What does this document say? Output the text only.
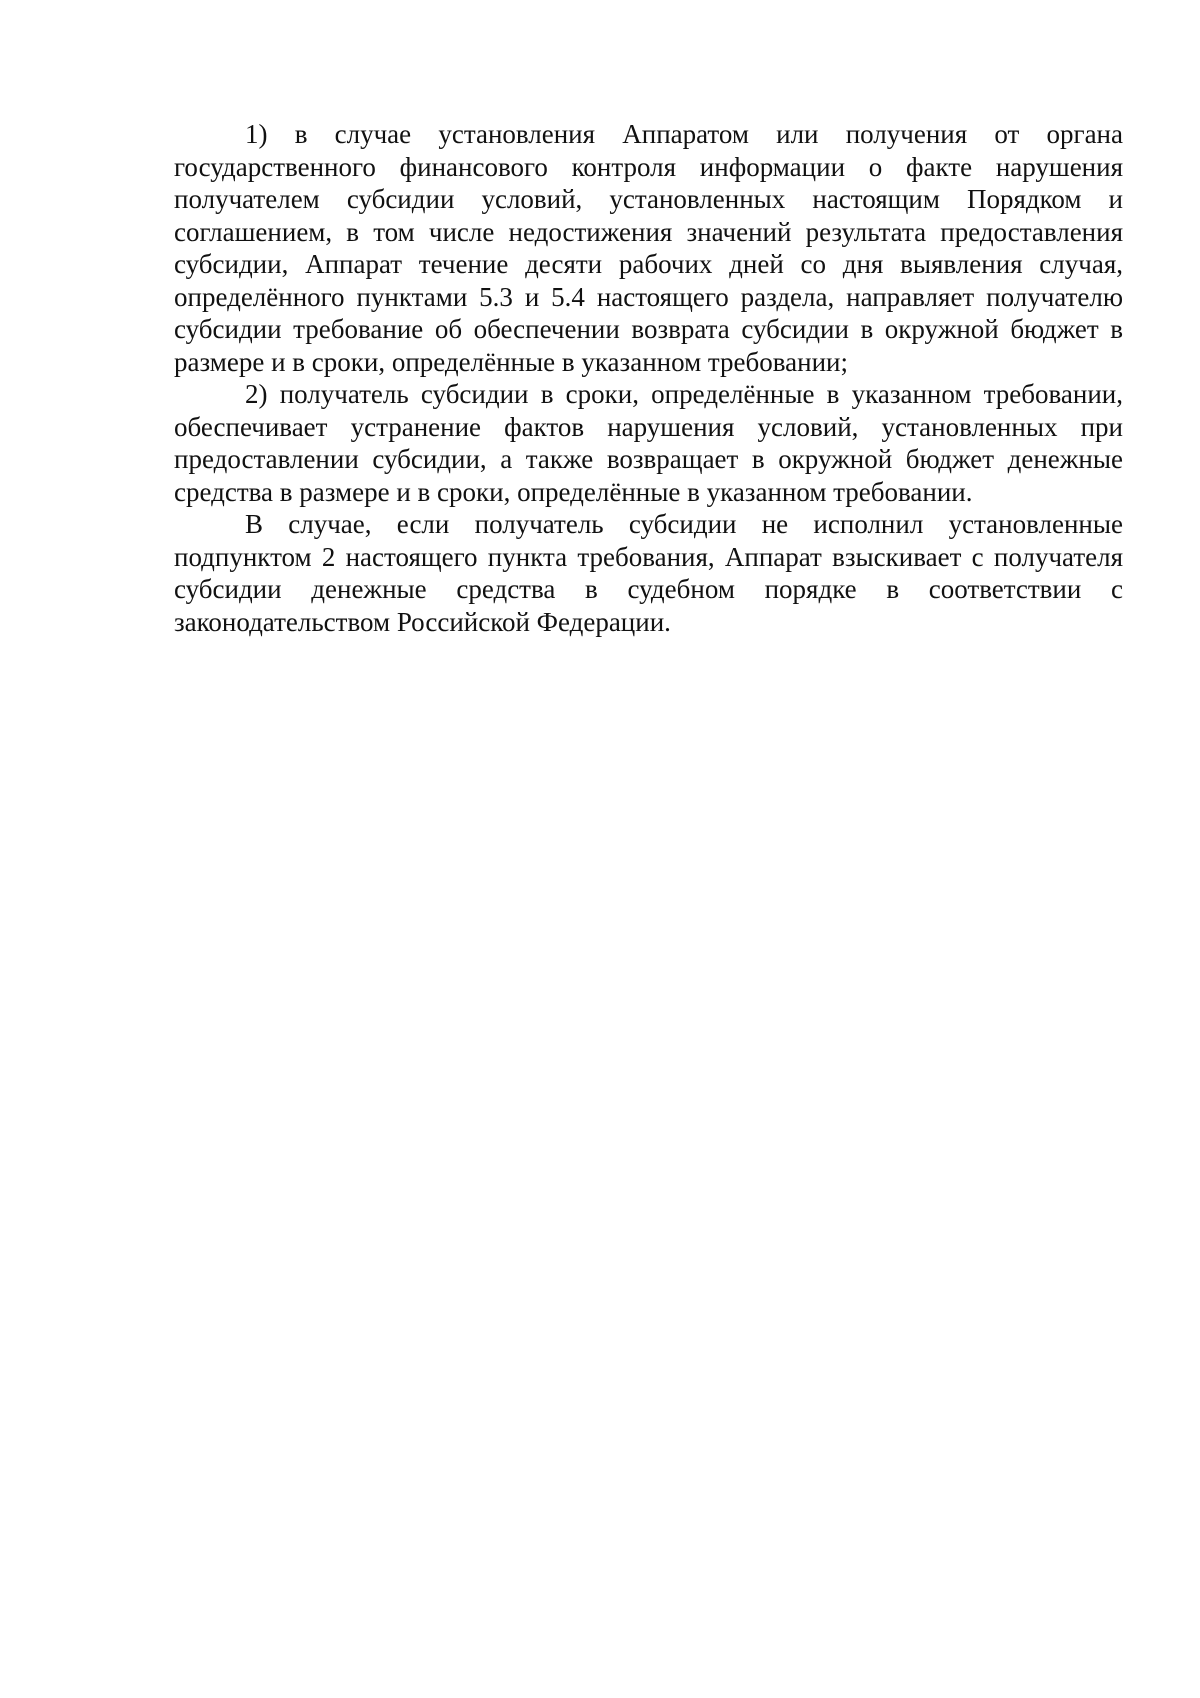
1) в случае установления Аппаратом или получения от органа государственного финансового контроля информации о факте нарушения получателем субсидии условий, установленных настоящим Порядком и соглашением, в том числе недостижения значений результата предоставления субсидии, Аппарат течение десяти рабочих дней со дня выявления случая, определённого пунктами 5.3 и 5.4 настоящего раздела, направляет получателю субсидии требование об обеспечении возврата субсидии в окружной бюджет в размере и в сроки, определённые в указанном требовании;

2) получатель субсидии в сроки, определённые в указанном требовании, обеспечивает устранение фактов нарушения условий, установленных при предоставлении субсидии, а также возвращает в окружной бюджет денежные средства в размере и в сроки, определённые в указанном требовании.

В случае, если получатель субсидии не исполнил установленные подпунктом 2 настоящего пункта требования, Аппарат взыскивает с получателя субсидии денежные средства в судебном порядке в соответствии с законодательством Российской Федерации.
